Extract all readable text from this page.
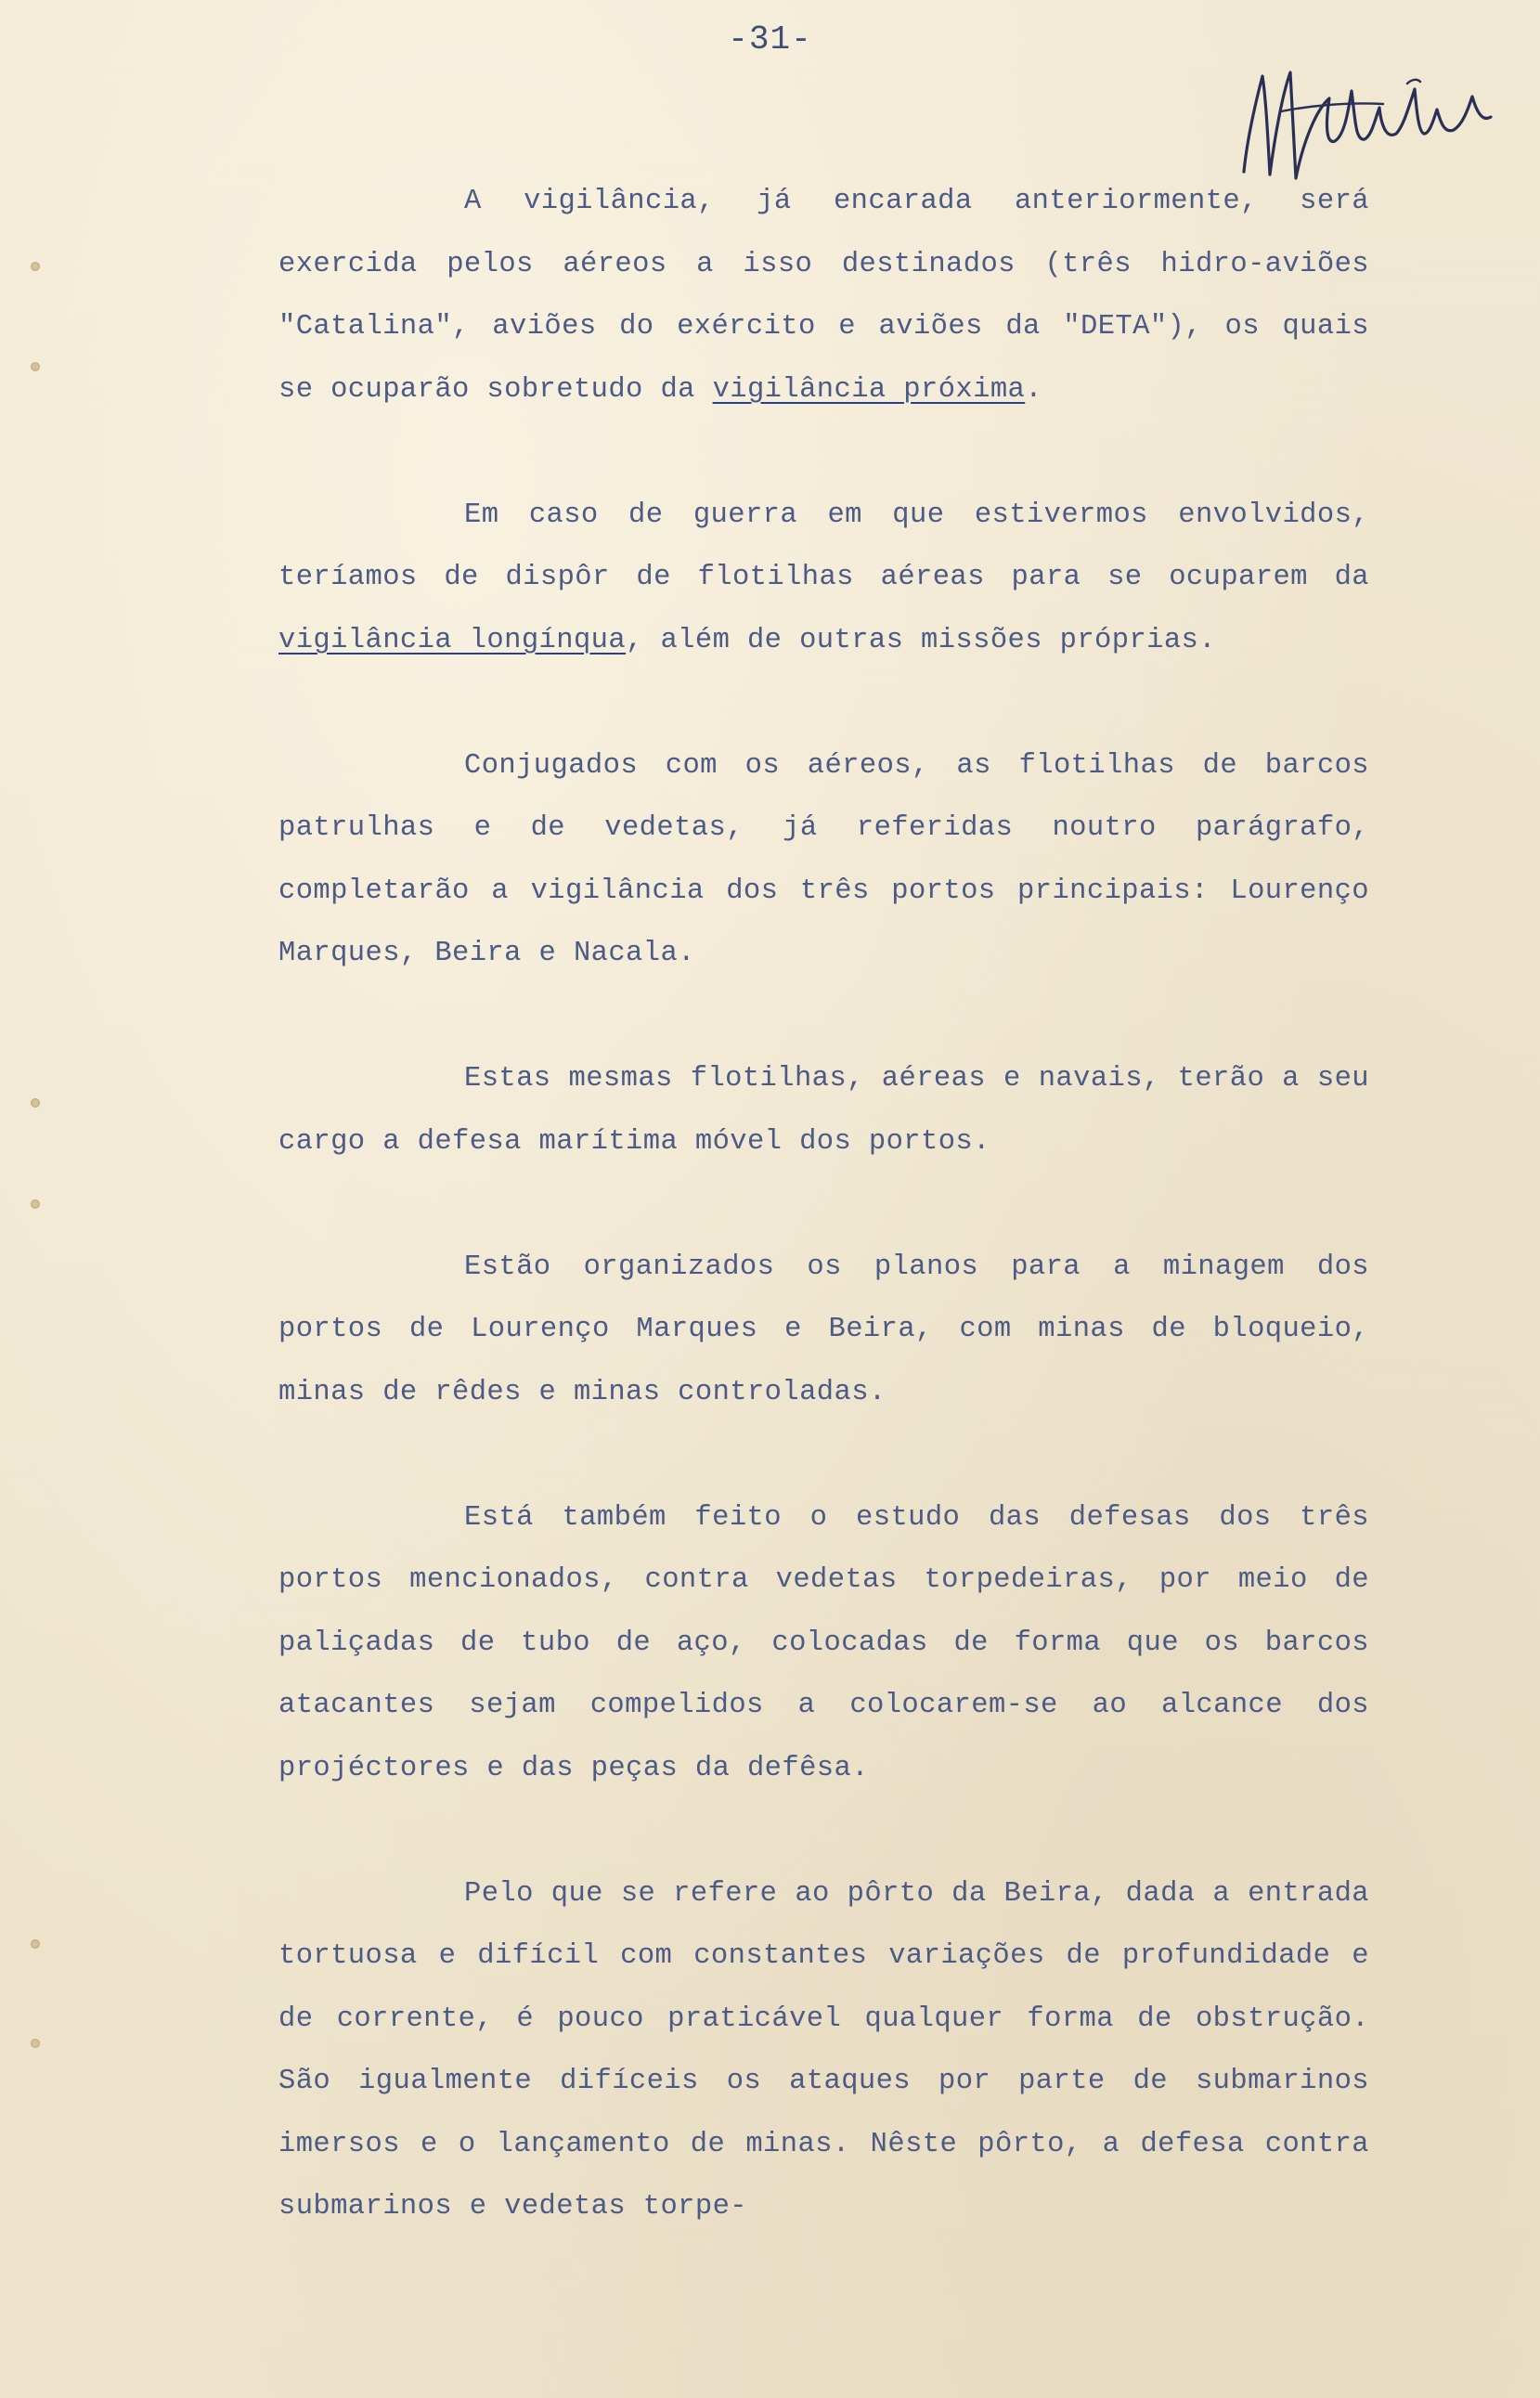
-31-

A vigilância, já encarada anteriormente, será exercida pelos aéreos a isso destinados (três hidro-aviões "Catalina", aviões do exército e aviões da "DETA"), os quais se ocuparão sobretudo da vigilância próxima.

Em caso de guerra em que estivermos envolvidos, teríamos de dispôr de flotilhas aéreas para se ocuparem da vigilância longínqua, além de outras missões próprias.

Conjugados com os aéreos, as flotilhas de barcos patrulhas e de vedetas, já referidas noutro parágrafo, completarão a vigilância dos três portos principais: Lourenço Marques, Beira e Nacala.

Estas mesmas flotilhas, aéreas e navais, terão a seu cargo a defesa marítima móvel dos portos.

Estão organizados os planos para a minagem dos portos de Lourenço Marques e Beira, com minas de bloqueio, minas de rêdes e minas controladas.

Está também feito o estudo das defesas dos três portos mencionados, contra vedetas torpedeiras, por meio de paliçadas de tubo de aço, colocadas de forma que os barcos atacantes sejam compelidos a colocarem-se ao alcance dos projéctores e das peças da defêsa.

Pelo que se refere ao pôrto da Beira, dada a entrada tortuosa e difícil com constantes variações de profundidade e de corrente, é pouco praticável qualquer forma de obstrução. São igualmente difíceis os ataques por parte de submarinos imersos e o lançamento de minas. Nêste pôrto, a defesa contra submarinos e vedetas torpe-
